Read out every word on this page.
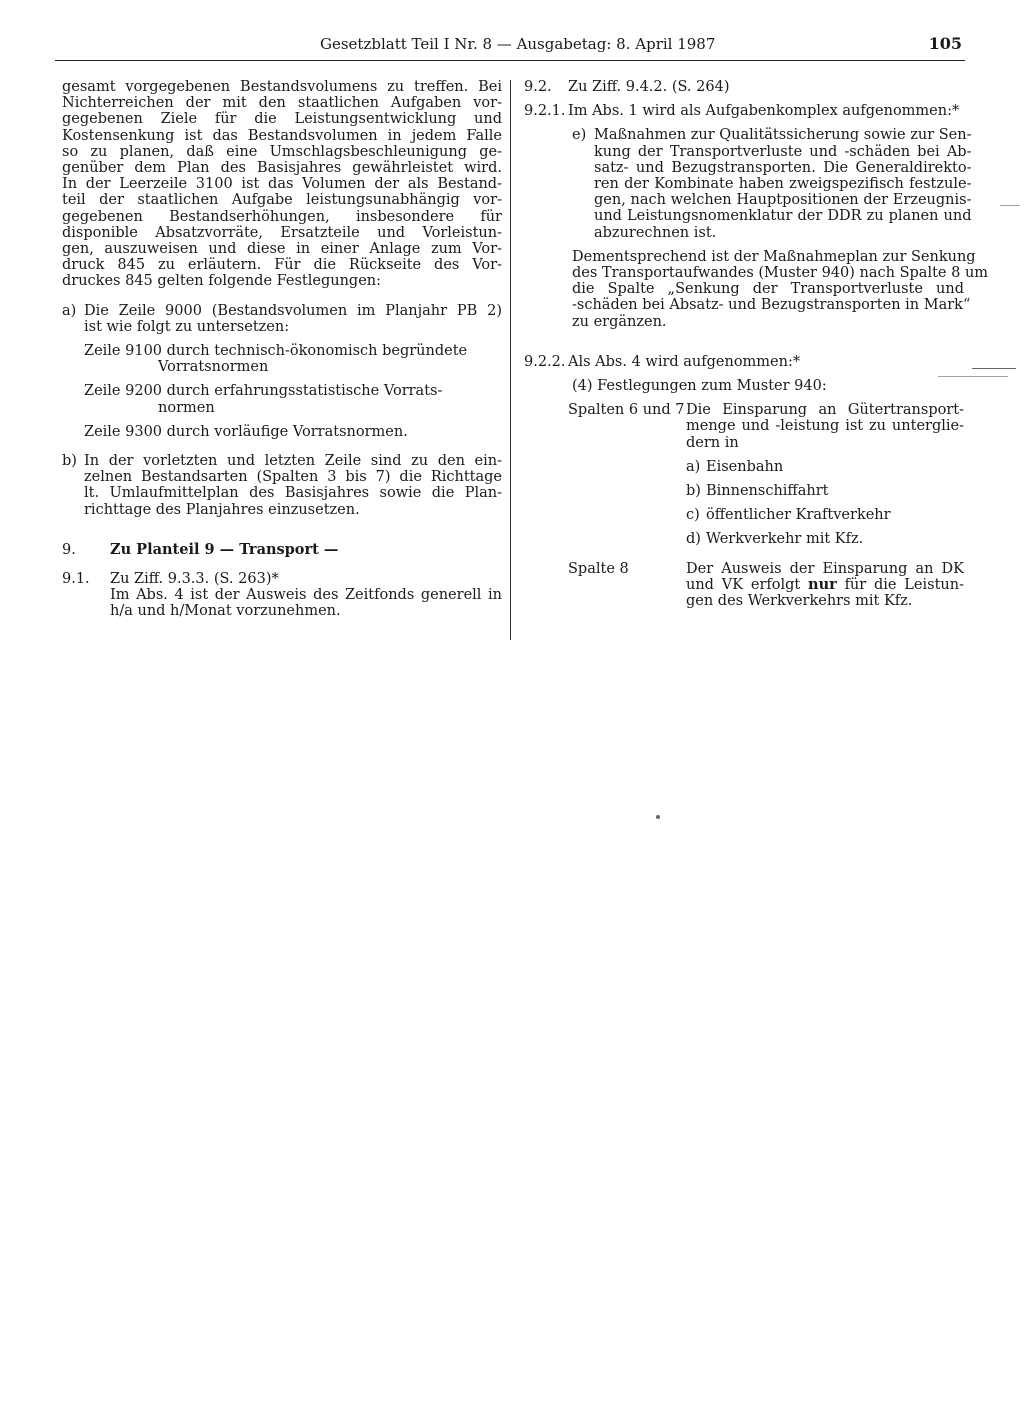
Gesetzblatt Teil I Nr. 8 — Ausgabetag: 8. April 1987	105
gesamt vorgegebenen Bestandsvolumens zu treffen. Bei
Nichterreichen der mit den staatlichen Aufgaben vor-
gegebenen Ziele für die Leistungsentwicklung und
Kostensenkung ist das Bestandsvolumen in jedem Falle
so zu planen, daß eine Umschlagsbeschleunigung ge-
genüber dem Plan des Basisjahres gewährleistet wird.
In der Leerzeile 3100 ist das Volumen der als Bestand-
teil der staatlichen Aufgabe leistungsunabhängig vor-
gegebenen Bestandserhöhungen, insbesondere für
disponible Absatzvorräte, Ersatzteile und Vorleistun-
gen, auszuweisen und diese in einer Anlage zum Vor-
druck 845 zu erläutern. Für die Rückseite des Vor-
druckes 845 gelten folgende Festlegungen:
a) Die Zeile 9000 (Bestandsvolumen im Planjahr PB 2)
ist wie folgt zu untersetzen:
Zeile 9100 durch technisch-ökonomisch begründete
Vorratsnormen
Zeile 9200 durch erfahrungsstatistische Vorrats-
normen
Zeile 9300 durch vorläufige Vorratsnormen.
b) In der vorletzten und letzten Zeile sind zu den ein-
zelnen Bestandsarten (Spalten 3 bis 7) die Richttage
lt. Umlaufmittelplan des Basisjahres sowie die Plan-
richttage des Planjahres einzusetzen.
9.	Zu Planteil 9 — Transport —
9.1.	Zu Ziff. 9.3.3. (S. 263)*
Im Abs. 4 ist der Ausweis des Zeitfonds generell in
h/a und h/Monat vorzunehmen.
9.2.	Zu Ziff. 9.4.2. (S. 264)
9.2.1. Im Abs. 1 wird als Aufgabenkomplex aufgenommen:*
e) Maßnahmen zur Qualitätssicherung sowie zur Sen-
kung der Transportverluste und -schäden bei Ab-
satz- und Bezugstransporten. Die Generaldirekto-
ren der Kombinate haben zweigspezifisch festzule-
gen, nach welchen Hauptpositionen der Erzeugnis-
und Leistungsnomenklatur der DDR zu planen und
abzurechnen ist.
Dementsprechend ist der Maßnahmeplan zur Senkung
des Transportaufwandes (Muster 940) nach Spalte 8 um
die Spalte „Senkung der Transportverluste und
-schäden bei Absatz- und Bezugstransporten in Mark“
zu ergänzen.
9.2.2. Als Abs. 4 wird aufgenommen:*
(4) Festlegungen zum Muster 940:
Spalten 6 und 7 Die Einsparung an Gütertransport-
menge und -leistung ist zu unterglie-
dern in
a) Eisenbahn
b) Binnenschiffahrt
c) öffentlicher Kraftverkehr
d) Werkverkehr mit Kfz.
Spalte 8	Der Ausweis der Einsparung an DK
und VK erfolgt nur für die Leistun-
gen des Werkverkehrs mit Kfz.
